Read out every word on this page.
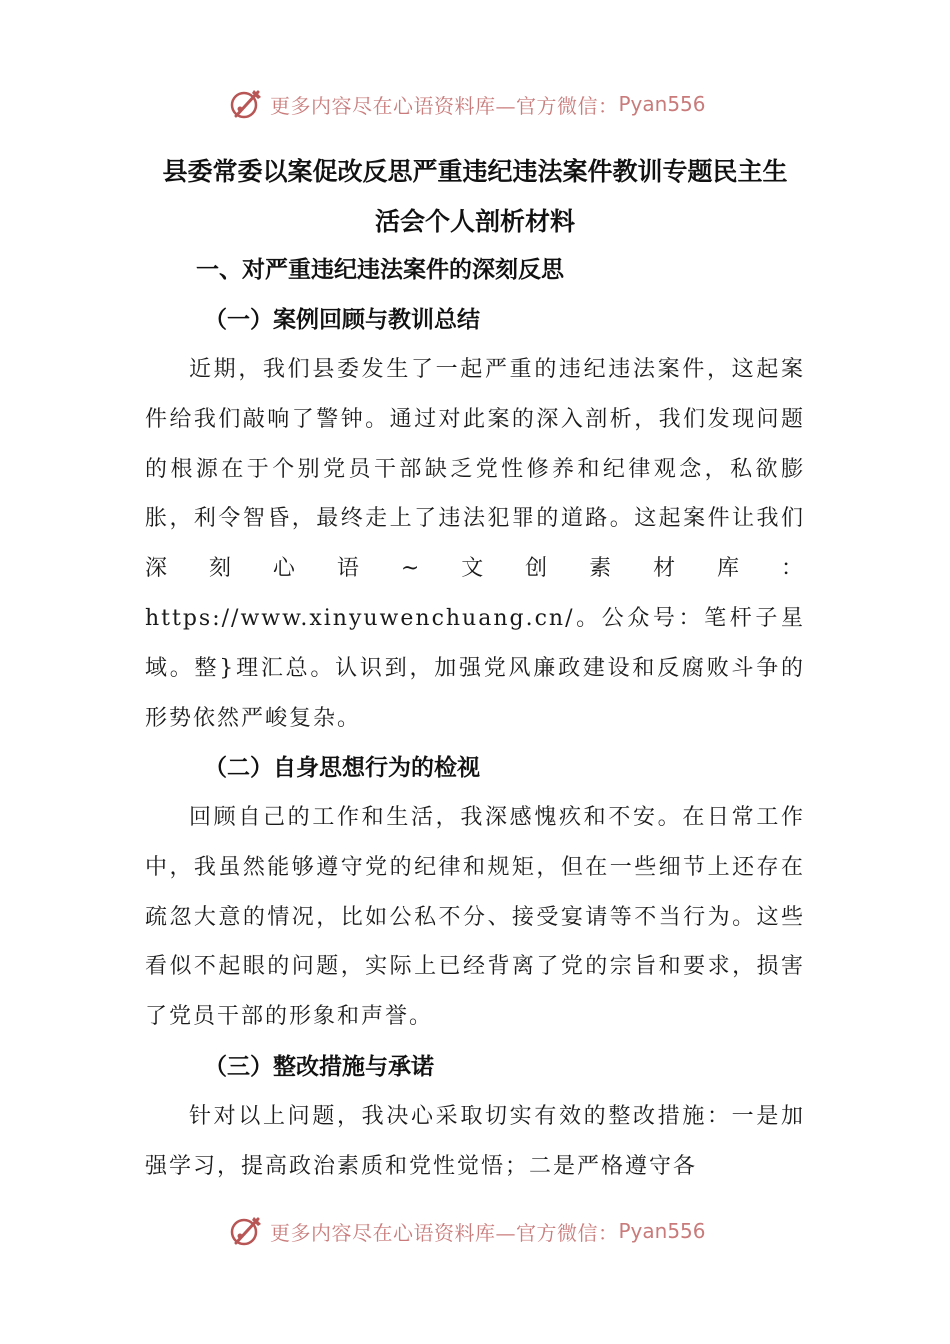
更多内容尽在心语资料库—官方微信： Pyan556
县委常委以案促改反思严重违纪违法案件教训专题民主生
活会个人剖析材料
一、对严重违纪违法案件的深刻反思
（一）案例回顾与教训总结

近期，我们县委发生了一起严重的违纪违法案件，这起案件给我们敲响了警钟。通过对此案的深入剖析，我们发现问题的根源在于个别党员干部缺乏党性修养和纪律观念，私欲膨胀，利令智昏，最终走上了违法犯罪的道路。这起案件让我们深刻心语~文创素材库：https://www.xinyuwenchuang.cn/。公众号：笔杆子星域。整}理汇总。认识到，加强党风廉政建设和反腐败斗争的形势依然严峻复杂。

（二）自身思想行为的检视

回顾自己的工作和生活，我深感愧疚和不安。在日常工作中，我虽然能够遵守党的纪律和规矩，但在一些细节上还存在疏忽大意的情况，比如公私不分、接受宴请等不当行为。这些看似不起眼的问题，实际上已经背离了党的宗旨和要求，损害了党员干部的形象和声誉。

（三）整改措施与承诺

针对以上问题，我决心采取切实有效的整改措施：一是加强学习，提高政治素质和党性觉悟；二是严格遵守各

更多内容尽在心语资料库—官方微信： Pyan556
